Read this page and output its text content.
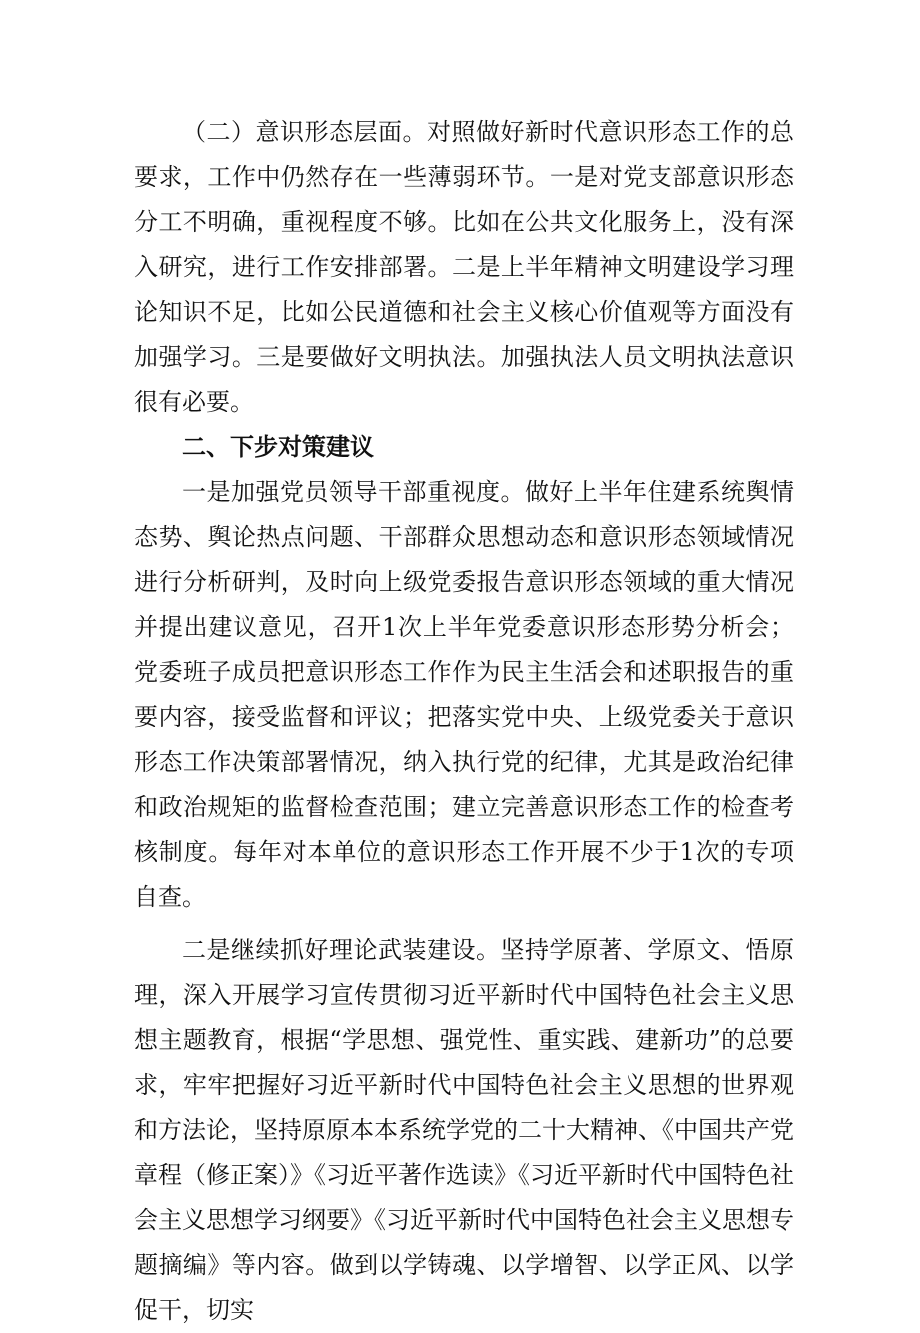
（二）意识形态层面。对照做好新时代意识形态工作的总要求，工作中仍然存在一些薄弱环节。一是对党支部意识形态分工不明确，重视程度不够。比如在公共文化服务上，没有深入研究，进行工作安排部署。二是上半年精神文明建设学习理论知识不足，比如公民道德和社会主义核心价值观等方面没有加强学习。三是要做好文明执法。加强执法人员文明执法意识很有必要。

二、下步对策建议

一是加强党员领导干部重视度。做好上半年住建系统舆情态势、舆论热点问题、干部群众思想动态和意识形态领域情况进行分析研判，及时向上级党委报告意识形态领域的重大情况并提出建议意见，召开1次上半年党委意识形态形势分析会；党委班子成员把意识形态工作作为民主生活会和述职报告的重要内容，接受监督和评议；把落实党中央、上级党委关于意识形态工作决策部署情况，纳入执行党的纪律，尤其是政治纪律和政治规矩的监督检查范围；建立完善意识形态工作的检查考核制度。每年对本单位的意识形态工作开展不少于1次的专项自查。

二是继续抓好理论武装建设。坚持学原著、学原文、悟原理，深入开展学习宣传贯彻习近平新时代中国特色社会主义思想主题教育，根据“学思想、强党性、重实践、建新功”的总要求，牢牢把握好习近平新时代中国特色社会主义思想的世界观和方法论，坚持原原本本系统学党的二十大精神、《中国共产党章程（修正案）》《习近平著作选读》《习近平新时代中国特色社会主义思想学习纲要》《习近平新时代中国特色社会主义思想专题摘编》等内容。做到以学铸魂、以学增智、以学正风、以学促干，切实
